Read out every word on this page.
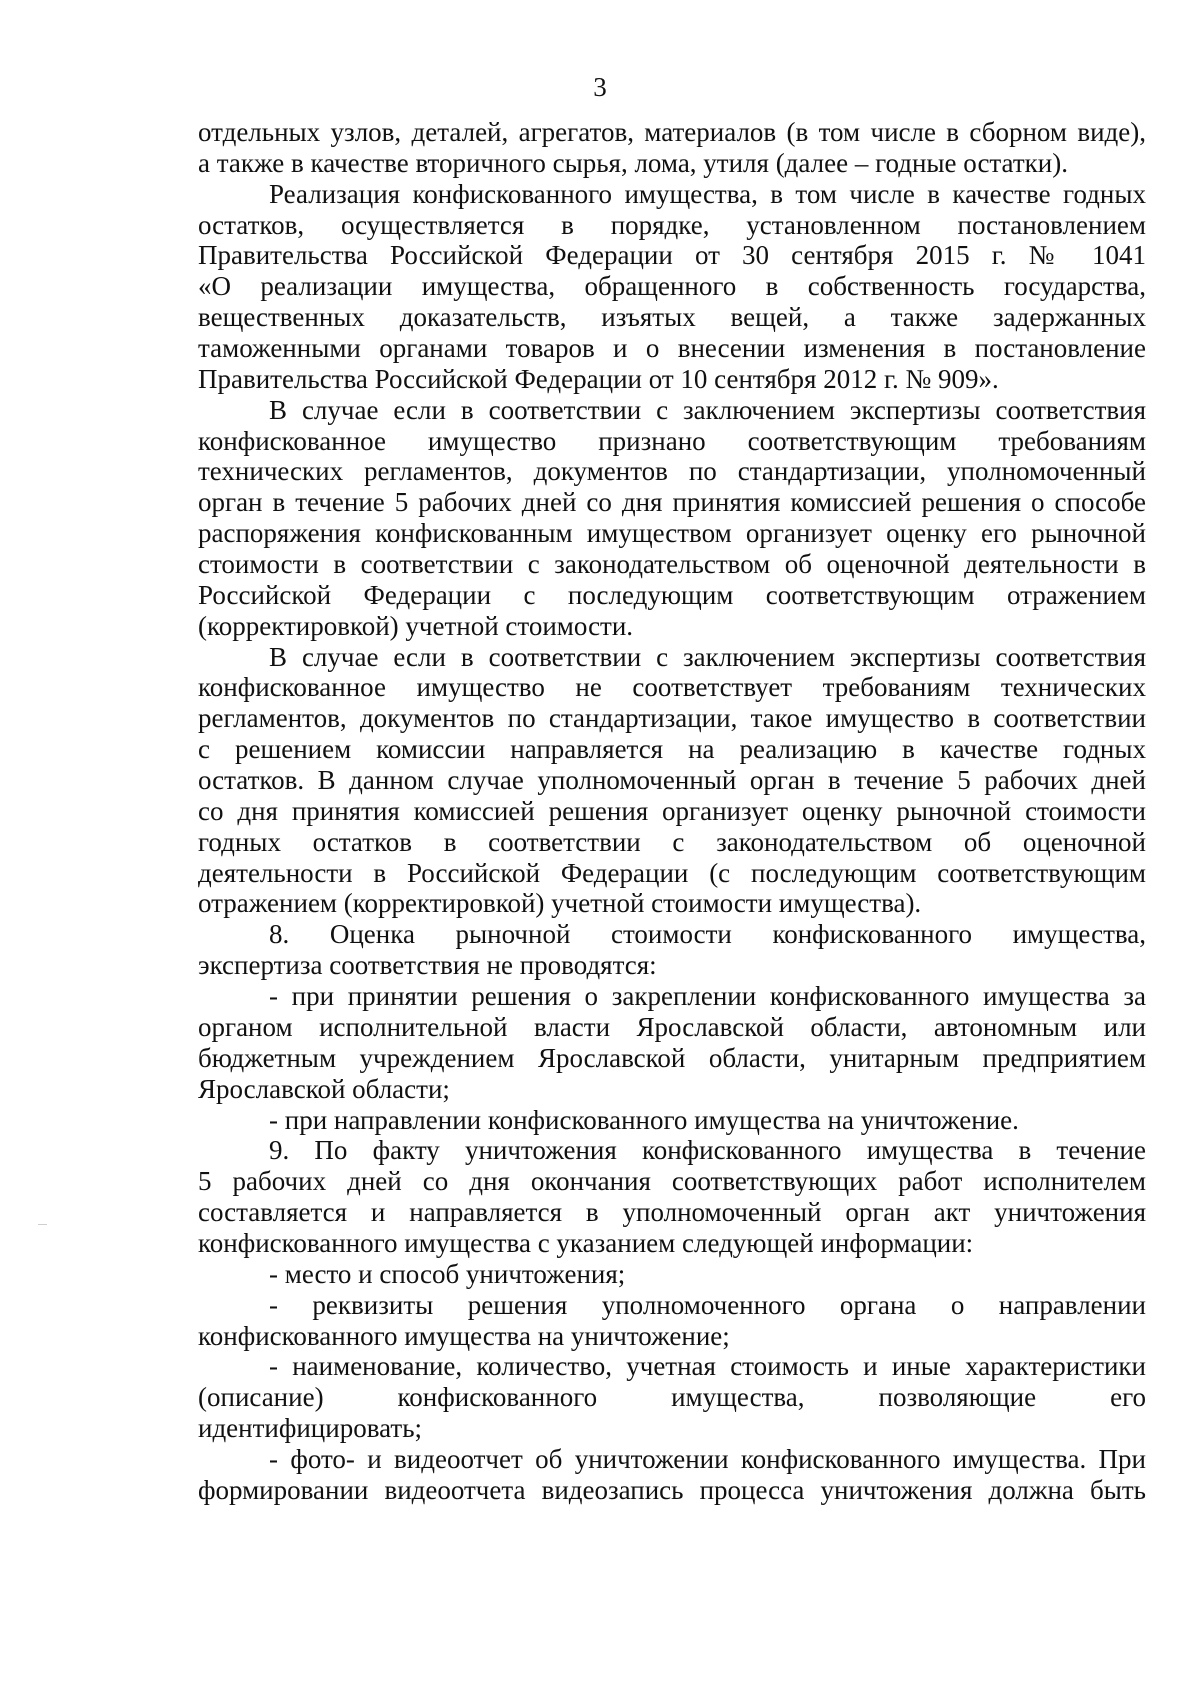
3
отдельных узлов, деталей, агрегатов, материалов (в том числе в сборном виде),
а также в качестве вторичного сырья, лома, утиля (далее – годные остатки).
Реализация конфискованного имущества, в том числе в качестве годных
остатков, осуществляется в порядке, установленном постановлением
Правительства Российской Федерации от 30 сентября 2015 г. № 1041
«О реализации имущества, обращенного в собственность государства,
вещественных доказательств, изъятых вещей, а также задержанных
таможенными органами товаров и о внесении изменения в постановление
Правительства Российской Федерации от 10 сентября 2012 г. № 909».
В случае если в соответствии с заключением экспертизы соответствия
конфискованное имущество признано соответствующим требованиям
технических регламентов, документов по стандартизации, уполномоченный
орган в течение 5 рабочих дней со дня принятия комиссией решения о способе
распоряжения конфискованным имуществом организует оценку его рыночной
стоимости в соответствии с законодательством об оценочной деятельности в
Российской Федерации с последующим соответствующим отражением
(корректировкой) учетной стоимости.
В случае если в соответствии с заключением экспертизы соответствия
конфискованное имущество не соответствует требованиям технических
регламентов, документов по стандартизации, такое имущество в соответствии
с решением комиссии направляется на реализацию в качестве годных
остатков. В данном случае уполномоченный орган в течение 5 рабочих дней
со дня принятия комиссией решения организует оценку рыночной стоимости
годных остатков в соответствии с законодательством об оценочной
деятельности в Российской Федерации (с последующим соответствующим
отражением (корректировкой) учетной стоимости имущества).
8. Оценка рыночной стоимости конфискованного имущества,
экспертиза соответствия не проводятся:
- при принятии решения о закреплении конфискованного имущества за
органом исполнительной власти Ярославской области, автономным или
бюджетным учреждением Ярославской области, унитарным предприятием
Ярославской области;
- при направлении конфискованного имущества на уничтожение.
9. По факту уничтожения конфискованного имущества в течение
5 рабочих дней со дня окончания соответствующих работ исполнителем
составляется и направляется в уполномоченный орган акт уничтожения
конфискованного имущества с указанием следующей информации:
- место и способ уничтожения;
- реквизиты решения уполномоченного органа о направлении
конфискованного имущества на уничтожение;
- наименование, количество, учетная стоимость и иные характеристики
(описание) конфискованного имущества, позволяющие его
идентифицировать;
- фото- и видеоотчет об уничтожении конфискованного имущества. При
формировании видеоотчета видеозапись процесса уничтожения должна быть
